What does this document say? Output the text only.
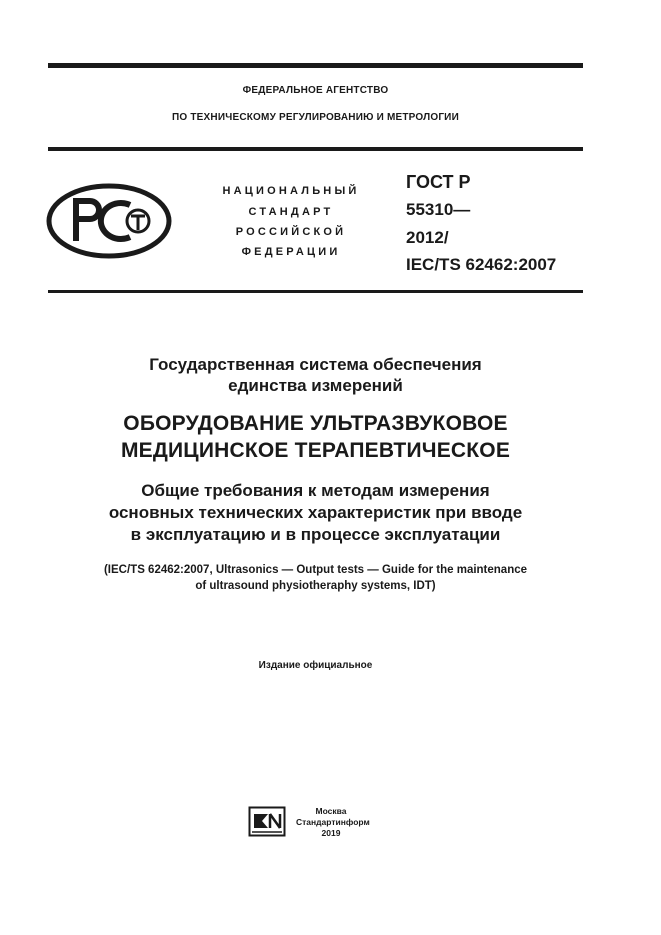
ФЕДЕРАЛЬНОЕ АГЕНТСТВО
ПО ТЕХНИЧЕСКОМУ РЕГУЛИРОВАНИЮ И МЕТРОЛОГИИ
НАЦИОНАЛЬНЫЙ
СТАНДАРТ
РОССИЙСКОЙ
ФЕДЕРАЦИИ
ГОСТ Р
55310—
2012/
IEC/TS 62462:2007
Государственная система обеспечения
единства измерений
ОБОРУДОВАНИЕ УЛЬТРАЗВУКОВОЕ
МЕДИЦИНСКОЕ ТЕРАПЕВТИЧЕСКОЕ
Общие требования к методам измерения
основных технических характеристик при вводе
в эксплуатацию и в процессе эксплуатации
(IEC/TS 62462:2007, Ultrasonics — Output tests — Guide for the maintenance
of ultrasound physiotheraphy systems, IDT)
Издание официальное
Москва
Стандартинформ
2019
